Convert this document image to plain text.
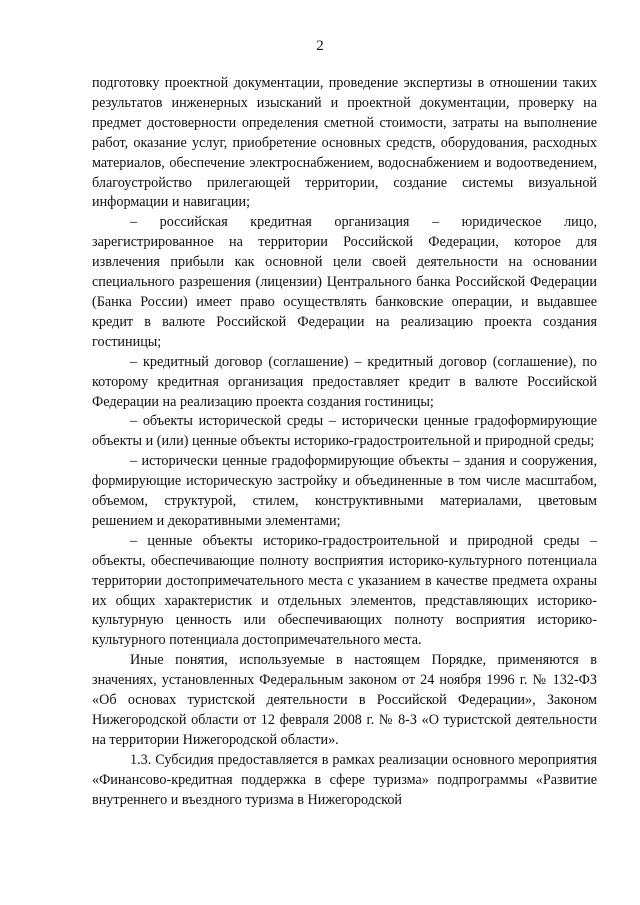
2

подготовку проектной документации, проведение экспертизы в отношении таких результатов инженерных изысканий и проектной документации, проверку на предмет достоверности определения сметной стоимости, затраты на выполнение работ, оказание услуг, приобретение основных средств, оборудования, расходных материалов, обеспечение электроснабжением, водоснабжением и водоотведением, благоустройство прилегающей территории, создание системы визуальной информации и навигации;

– российская кредитная организация – юридическое лицо, зарегистрированное на территории Российской Федерации, которое для извлечения прибыли как основной цели своей деятельности на основании специального разрешения (лицензии) Центрального банка Российской Федерации (Банка России) имеет право осуществлять банковские операции, и выдавшее кредит в валюте Российской Федерации на реализацию проекта создания гостиницы;

– кредитный договор (соглашение) – кредитный договор (соглашение), по которому кредитная организация предоставляет кредит в валюте Российской Федерации на реализацию проекта создания гостиницы;

– объекты исторической среды – исторически ценные градоформирующие объекты и (или) ценные объекты историко-градостроительной и природной среды;

– исторически ценные градоформирующие объекты – здания и сооружения, формирующие историческую застройку и объединенные в том числе масштабом, объемом, структурой, стилем, конструктивными материалами, цветовым решением и декоративными элементами;

– ценные объекты историко-градостроительной и природной среды – объекты, обеспечивающие полноту восприятия историко-культурного потенциала территории достопримечательного места с указанием в качестве предмета охраны их общих характеристик и отдельных элементов, представляющих историко-культурную ценность или обеспечивающих полноту восприятия историко-культурного потенциала достопримечательного места.

Иные понятия, используемые в настоящем Порядке, применяются в значениях, установленных Федеральным законом от 24 ноября 1996 г. № 132-ФЗ «Об основах туристской деятельности в Российской Федерации», Законом Нижегородской области от 12 февраля 2008 г. № 8-З «О туристской деятельности на территории Нижегородской области».

1.3. Субсидия предоставляется в рамках реализации основного мероприятия «Финансово-кредитная поддержка в сфере туризма» подпрограммы «Развитие внутреннего и въездного туризма в Нижегородской
